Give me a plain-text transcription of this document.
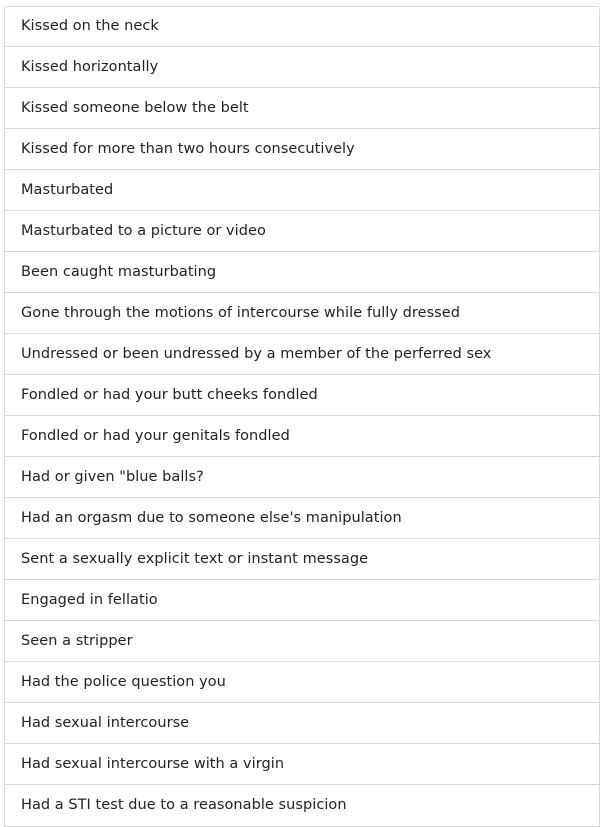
Kissed on the neck
Kissed horizontally
Kissed someone below the belt
Kissed for more than two hours consecutively
Masturbated
Masturbated to a picture or video
Been caught masturbating
Gone through the motions of intercourse while fully dressed
Undressed or been undressed by a member of the perferred sex
Fondled or had your butt cheeks fondled
Fondled or had your genitals fondled
Had or given "blue balls?
Had an orgasm due to someone else's manipulation
Sent a sexually explicit text or instant message
Engaged in fellatio
Seen a stripper
Had the police question you
Had sexual intercourse
Had sexual intercourse with a virgin
Had a STI test due to a reasonable suspicion
